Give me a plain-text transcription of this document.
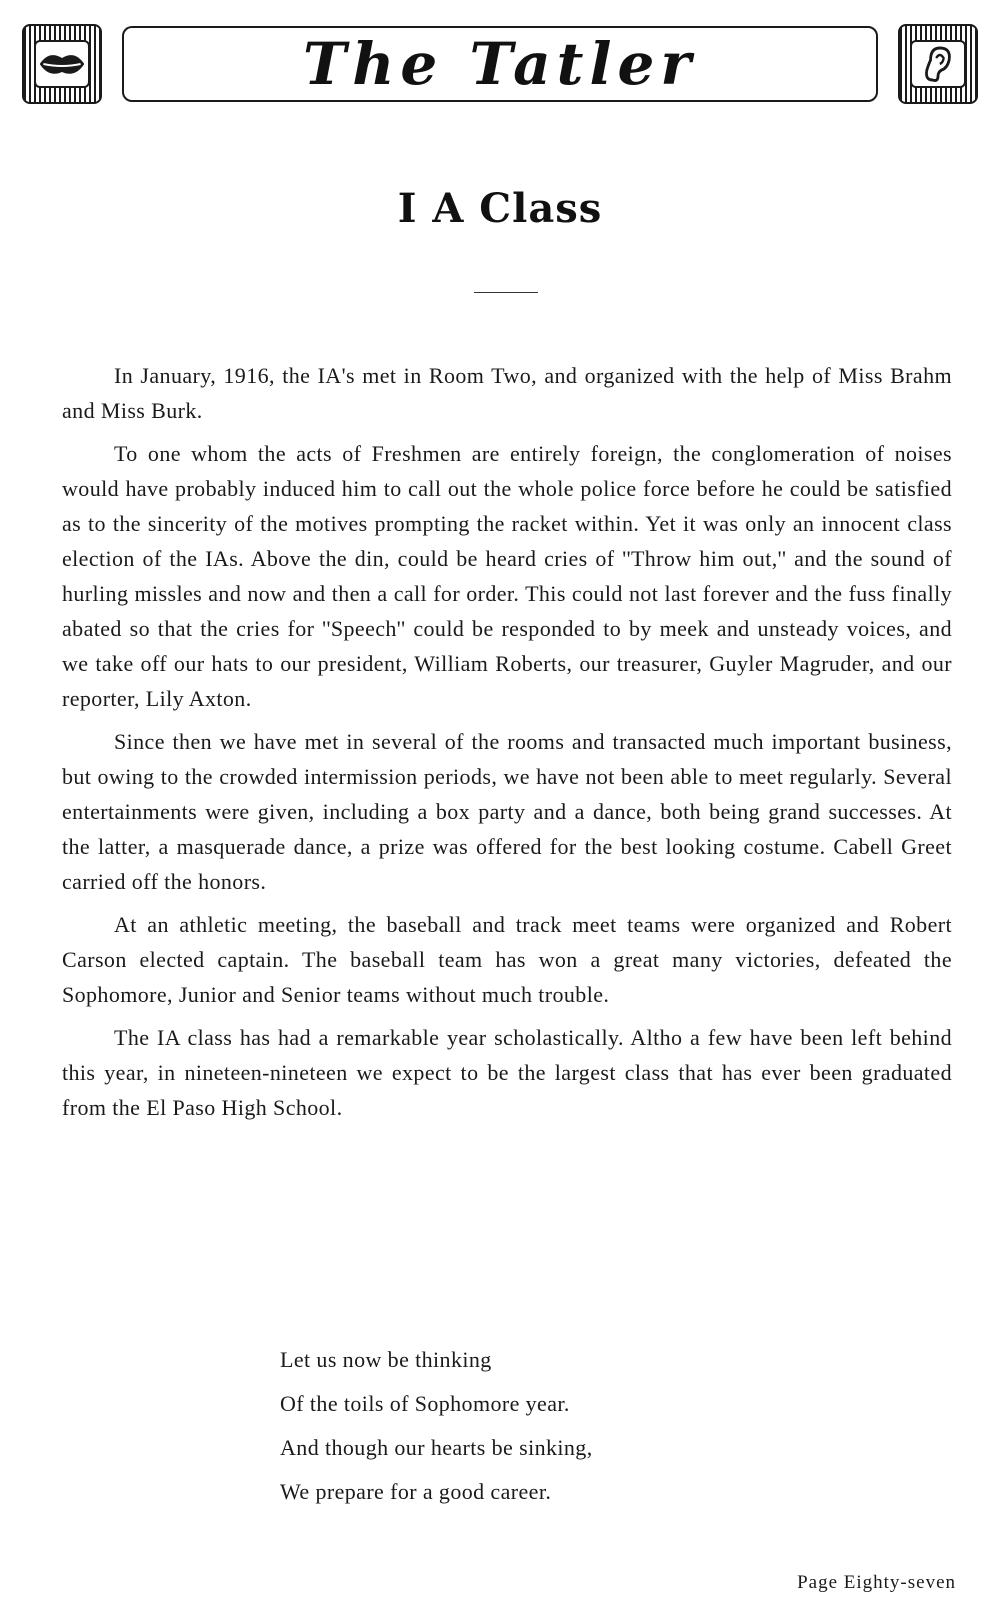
The Tatler
I A Class

In January, 1916, the IA's met in Room Two, and organized with the help of Miss Brahm and Miss Burk.

To one whom the acts of Freshmen are entirely foreign, the conglomeration of noises would have probably induced him to call out the whole police force before he could be satisfied as to the sincerity of the motives prompting the racket within. Yet it was only an innocent class election of the IAs. Above the din, could be heard cries of ''Throw him out,'' and the sound of hurling missles and now and then a call for order. This could not last forever and the fuss finally abated so that the cries for ''Speech'' could be responded to by meek and unsteady voices, and we take off our hats to our president, William Roberts, our treasurer, Guyler Magruder, and our reporter, Lily Axton.

Since then we have met in several of the rooms and transacted much important business, but owing to the crowded intermission periods, we have not been able to meet regularly. Several entertainments were given, including a box party and a dance, both being grand successes. At the latter, a masquerade dance, a prize was offered for the best looking costume. Cabell Greet carried off the honors.

At an athletic meeting, the baseball and track meet teams were organized and Robert Carson elected captain. The baseball team has won a great many victories, defeated the Sophomore, Junior and Senior teams without much trouble.

The IA class has had a remarkable year scholastically. Altho a few have been left behind this year, in nineteen-nineteen we expect to be the largest class that has ever been graduated from the El Paso High School.

Let us now be thinking
Of the toils of Sophomore year.
And though our hearts be sinking,
We prepare for a good career.
Page Eighty-seven
